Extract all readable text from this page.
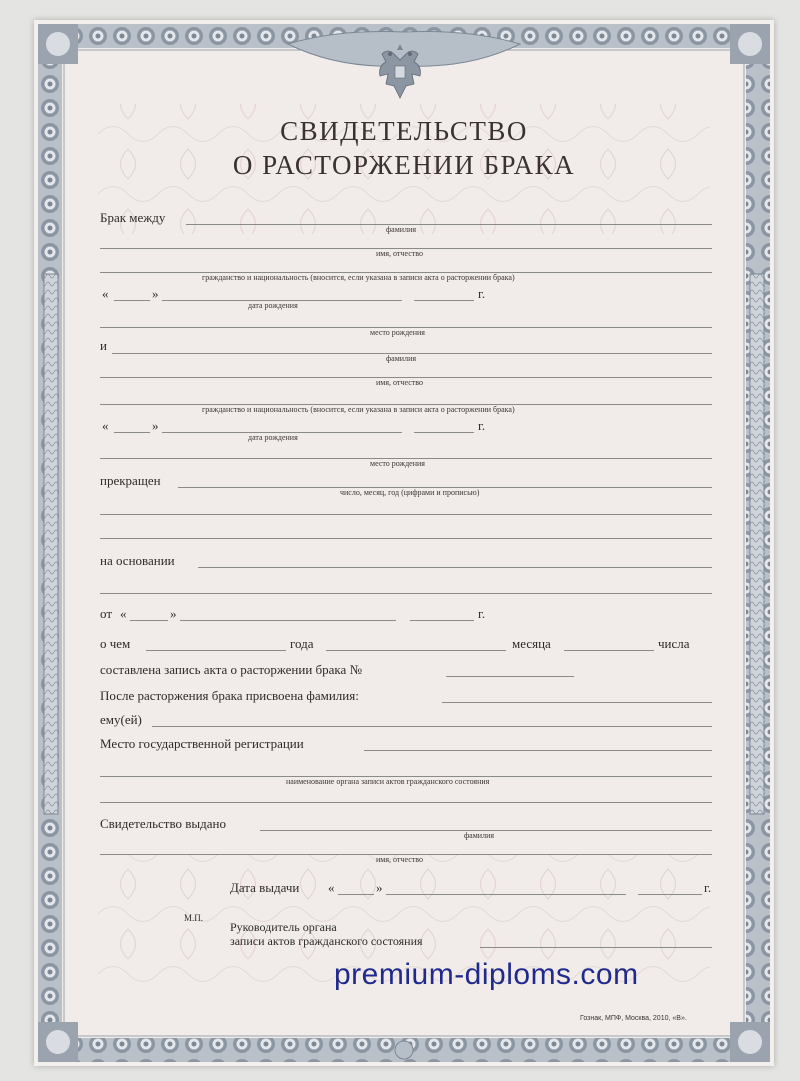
СВИДЕТЕЛЬСТВО
О РАСТОРЖЕНИИ БРАКА
Брак между
фамилия
имя, отчество
гражданство и национальность (вносится, если указана в записи акта о расторжении брака)
«	»	г.
дата рождения
место рождения
и
фамилия
имя, отчество
гражданство и национальность (вносится, если указана в записи акта о расторжении брака)
«	»	г.
дата рождения
место рождения
прекращен
число, месяц, год (цифрами и прописью)
на основании
от «	»	г.
о чем	года	месяца	числа
составлена запись акта о расторжении брака №
После расторжения брака присвоена фамилия:
ему(ей)
Место государственной регистрации
наименование органа записи актов гражданского состояния
Свидетельство выдано
фамилия
имя, отчество
Дата выдачи «	»	г.
М.П.
Руководитель органа
записи актов гражданского состояния
premium-diploms.com
Гознак, МПФ, Москва, 2010, «В».
